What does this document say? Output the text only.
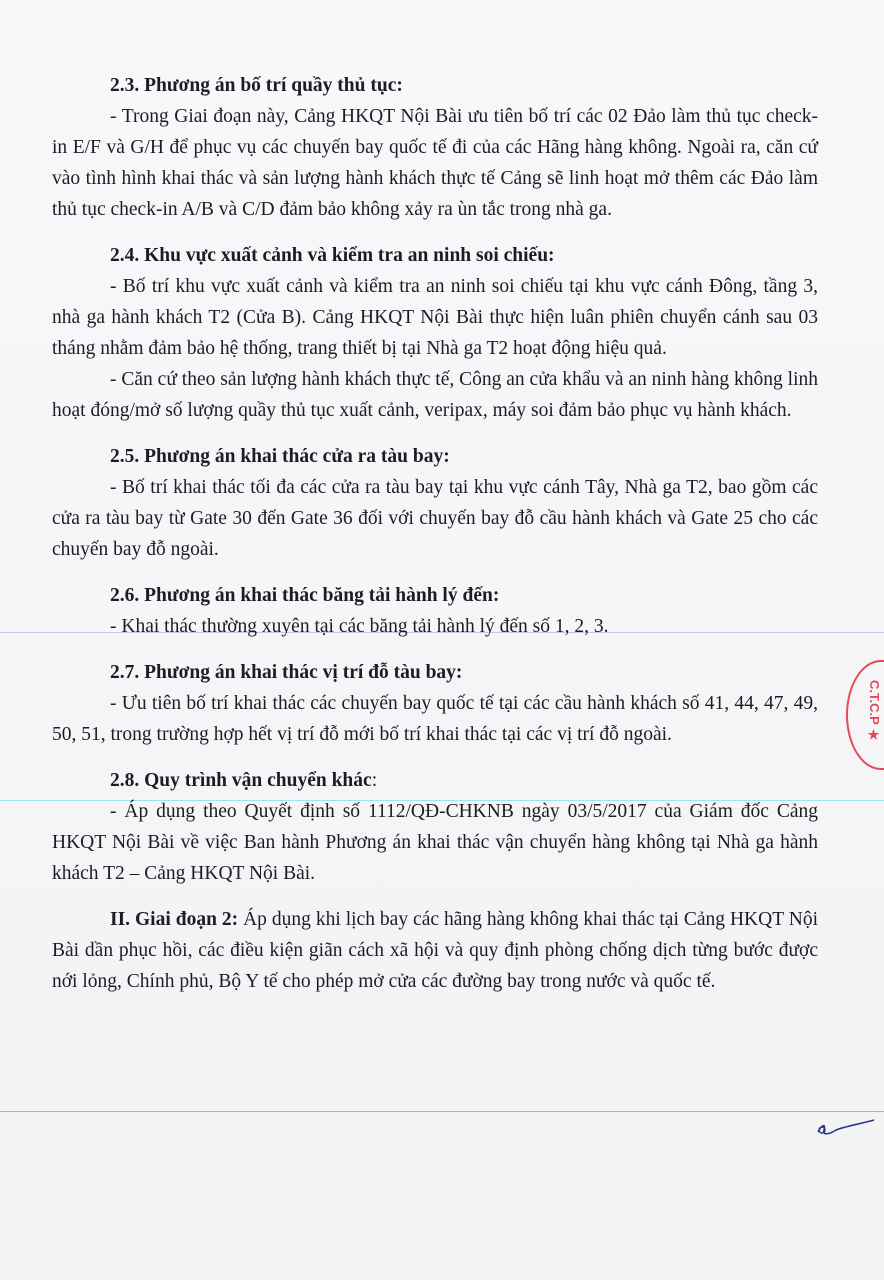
2.3. Phương án bố trí quầy thủ tục:

- Trong Giai đoạn này, Cảng HKQT Nội Bài ưu tiên bố trí các 02 Đảo làm thủ tục check-in E/F và G/H để phục vụ các chuyến bay quốc tế đi của các Hãng hàng không. Ngoài ra, căn cứ vào tình hình khai thác và sản lượng hành khách thực tế Cảng sẽ linh hoạt mở thêm các Đảo làm thủ tục check-in A/B và C/D đảm bảo không xảy ra ùn tắc trong nhà ga.

2.4. Khu vực xuất cảnh và kiểm tra an ninh soi chiếu:

- Bố trí khu vực xuất cảnh và kiểm tra an ninh soi chiếu tại khu vực cánh Đông, tầng 3, nhà ga hành khách T2 (Cửa B). Cảng HKQT Nội Bài thực hiện luân phiên chuyển cánh sau 03 tháng nhằm đảm bảo hệ thống, trang thiết bị tại Nhà ga T2 hoạt động hiệu quả.

- Căn cứ theo sản lượng hành khách thực tế, Công an cửa khẩu và an ninh hàng không linh hoạt đóng/mở số lượng quầy thủ tục xuất cảnh, veripax, máy soi đảm bảo phục vụ hành khách.

2.5. Phương án khai thác cửa ra tàu bay:

- Bố trí khai thác tối đa các cửa ra tàu bay tại khu vực cánh Tây, Nhà ga T2, bao gồm các cửa ra tàu bay từ Gate 30 đến Gate 36 đối với chuyến bay đỗ cầu hành khách và Gate 25 cho các chuyến bay đỗ ngoài.

2.6. Phương án khai thác băng tải hành lý đến:

- Khai thác thường xuyên tại các băng tải hành lý đến số 1, 2, 3.

2.7. Phương án khai thác vị trí đỗ tàu bay:

- Ưu tiên bố trí khai thác các chuyến bay quốc tế tại các cầu hành khách số 41, 44, 47, 49, 50, 51, trong trường hợp hết vị trí đỗ mới bố trí khai thác tại các vị trí đỗ ngoài.

2.8. Quy trình vận chuyển khác:

- Áp dụng theo Quyết định số 1112/QĐ-CHKNB ngày 03/5/2017 của Giám đốc Cảng HKQT Nội Bài về việc Ban hành Phương án khai thác vận chuyển hàng không tại Nhà ga hành khách T2 – Cảng HKQT Nội Bài.

II. Giai đoạn 2: Áp dụng khi lịch bay các hãng hàng không khai thác tại Cảng HKQT Nội Bài dần phục hồi, các điều kiện giãn cách xã hội và quy định phòng chống dịch từng bước được nới lỏng, Chính phủ, Bộ Y tế cho phép mở cửa các đường bay trong nước và quốc tế.

C.T.C.P ★
